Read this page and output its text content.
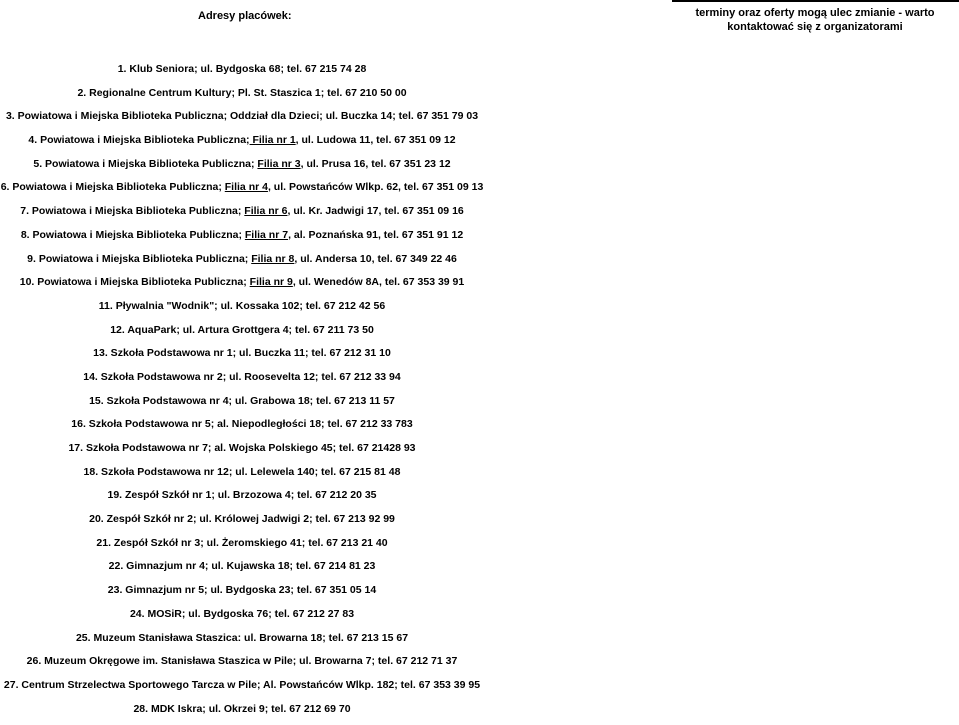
Adresy placówek:	terminy oraz oferty mogą ulec zmianie - warto
kontaktować się z organizatorami
1. Klub Seniora; ul. Bydgoska 68; tel. 67 215 74 28
2. Regionalne Centrum Kultury; Pl. St. Staszica 1; tel. 67 210 50 00
3. Powiatowa i Miejska Biblioteka Publiczna; Oddział dla Dzieci; ul. Buczka 14; tel. 67 351 79 03
4. Powiatowa i Miejska Biblioteka Publiczna; Filia nr 1, ul. Ludowa 11, tel. 67 351 09 12
5. Powiatowa i Miejska Biblioteka Publiczna; Filia nr 3, ul. Prusa 16, tel. 67 351 23 12
6. Powiatowa i Miejska Biblioteka Publiczna; Filia nr 4, ul. Powstańców Wlkp. 62, tel. 67 351 09 13
7. Powiatowa i Miejska Biblioteka Publiczna; Filia nr 6, ul. Kr. Jadwigi 17, tel. 67 351 09 16
8. Powiatowa i Miejska Biblioteka Publiczna; Filia nr 7, al. Poznańska 91, tel. 67 351 91 12
9. Powiatowa i Miejska Biblioteka Publiczna; Filia nr 8, ul. Andersa 10, tel. 67 349 22 46
10. Powiatowa i Miejska Biblioteka Publiczna; Filia nr 9, ul. Wenedów 8A, tel. 67 353 39 91
11. Pływalnia "Wodnik"; ul. Kossaka 102; tel. 67 212 42 56
12. AquaPark; ul. Artura Grottgera 4; tel. 67 211 73 50
13. Szkoła Podstawowa nr 1; ul. Buczka 11; tel. 67 212 31 10
14. Szkoła Podstawowa nr 2; ul. Roosevelta 12; tel. 67 212 33 94
15. Szkoła Podstawowa nr 4; ul. Grabowa 18; tel. 67 213 11 57
16. Szkoła Podstawowa nr 5; al. Niepodległości 18; tel. 67 212 33 783
17. Szkoła Podstawowa nr 7; al. Wojska Polskiego 45; tel. 67 21428 93
18. Szkoła Podstawowa nr 12; ul. Lelewela 140; tel. 67 215 81 48
19. Zespół Szkół nr 1; ul. Brzozowa 4; tel. 67 212 20 35
20. Zespół Szkół nr 2; ul. Królowej Jadwigi 2; tel. 67 213 92 99
21. Zespół Szkół nr 3; ul. Żeromskiego 41; tel. 67 213 21 40
22. Gimnazjum nr 4; ul. Kujawska 18; tel. 67 214 81 23
23. Gimnazjum nr 5; ul. Bydgoska 23; tel. 67 351 05 14
24. MOSiR; ul. Bydgoska 76; tel. 67 212 27 83
25. Muzeum Stanisława Staszica: ul. Browarna 18; tel. 67 213 15 67
26. Muzeum Okręgowe im. Stanisława Staszica w Pile; ul. Browarna 7; tel. 67 212 71 37
27. Centrum Strzelectwa Sportowego Tarcza w Pile; Al. Powstańców Wlkp. 182; tel. 67 353 39 95
28. MDK Iskra; ul. Okrzei 9; tel. 67 212 69 70
